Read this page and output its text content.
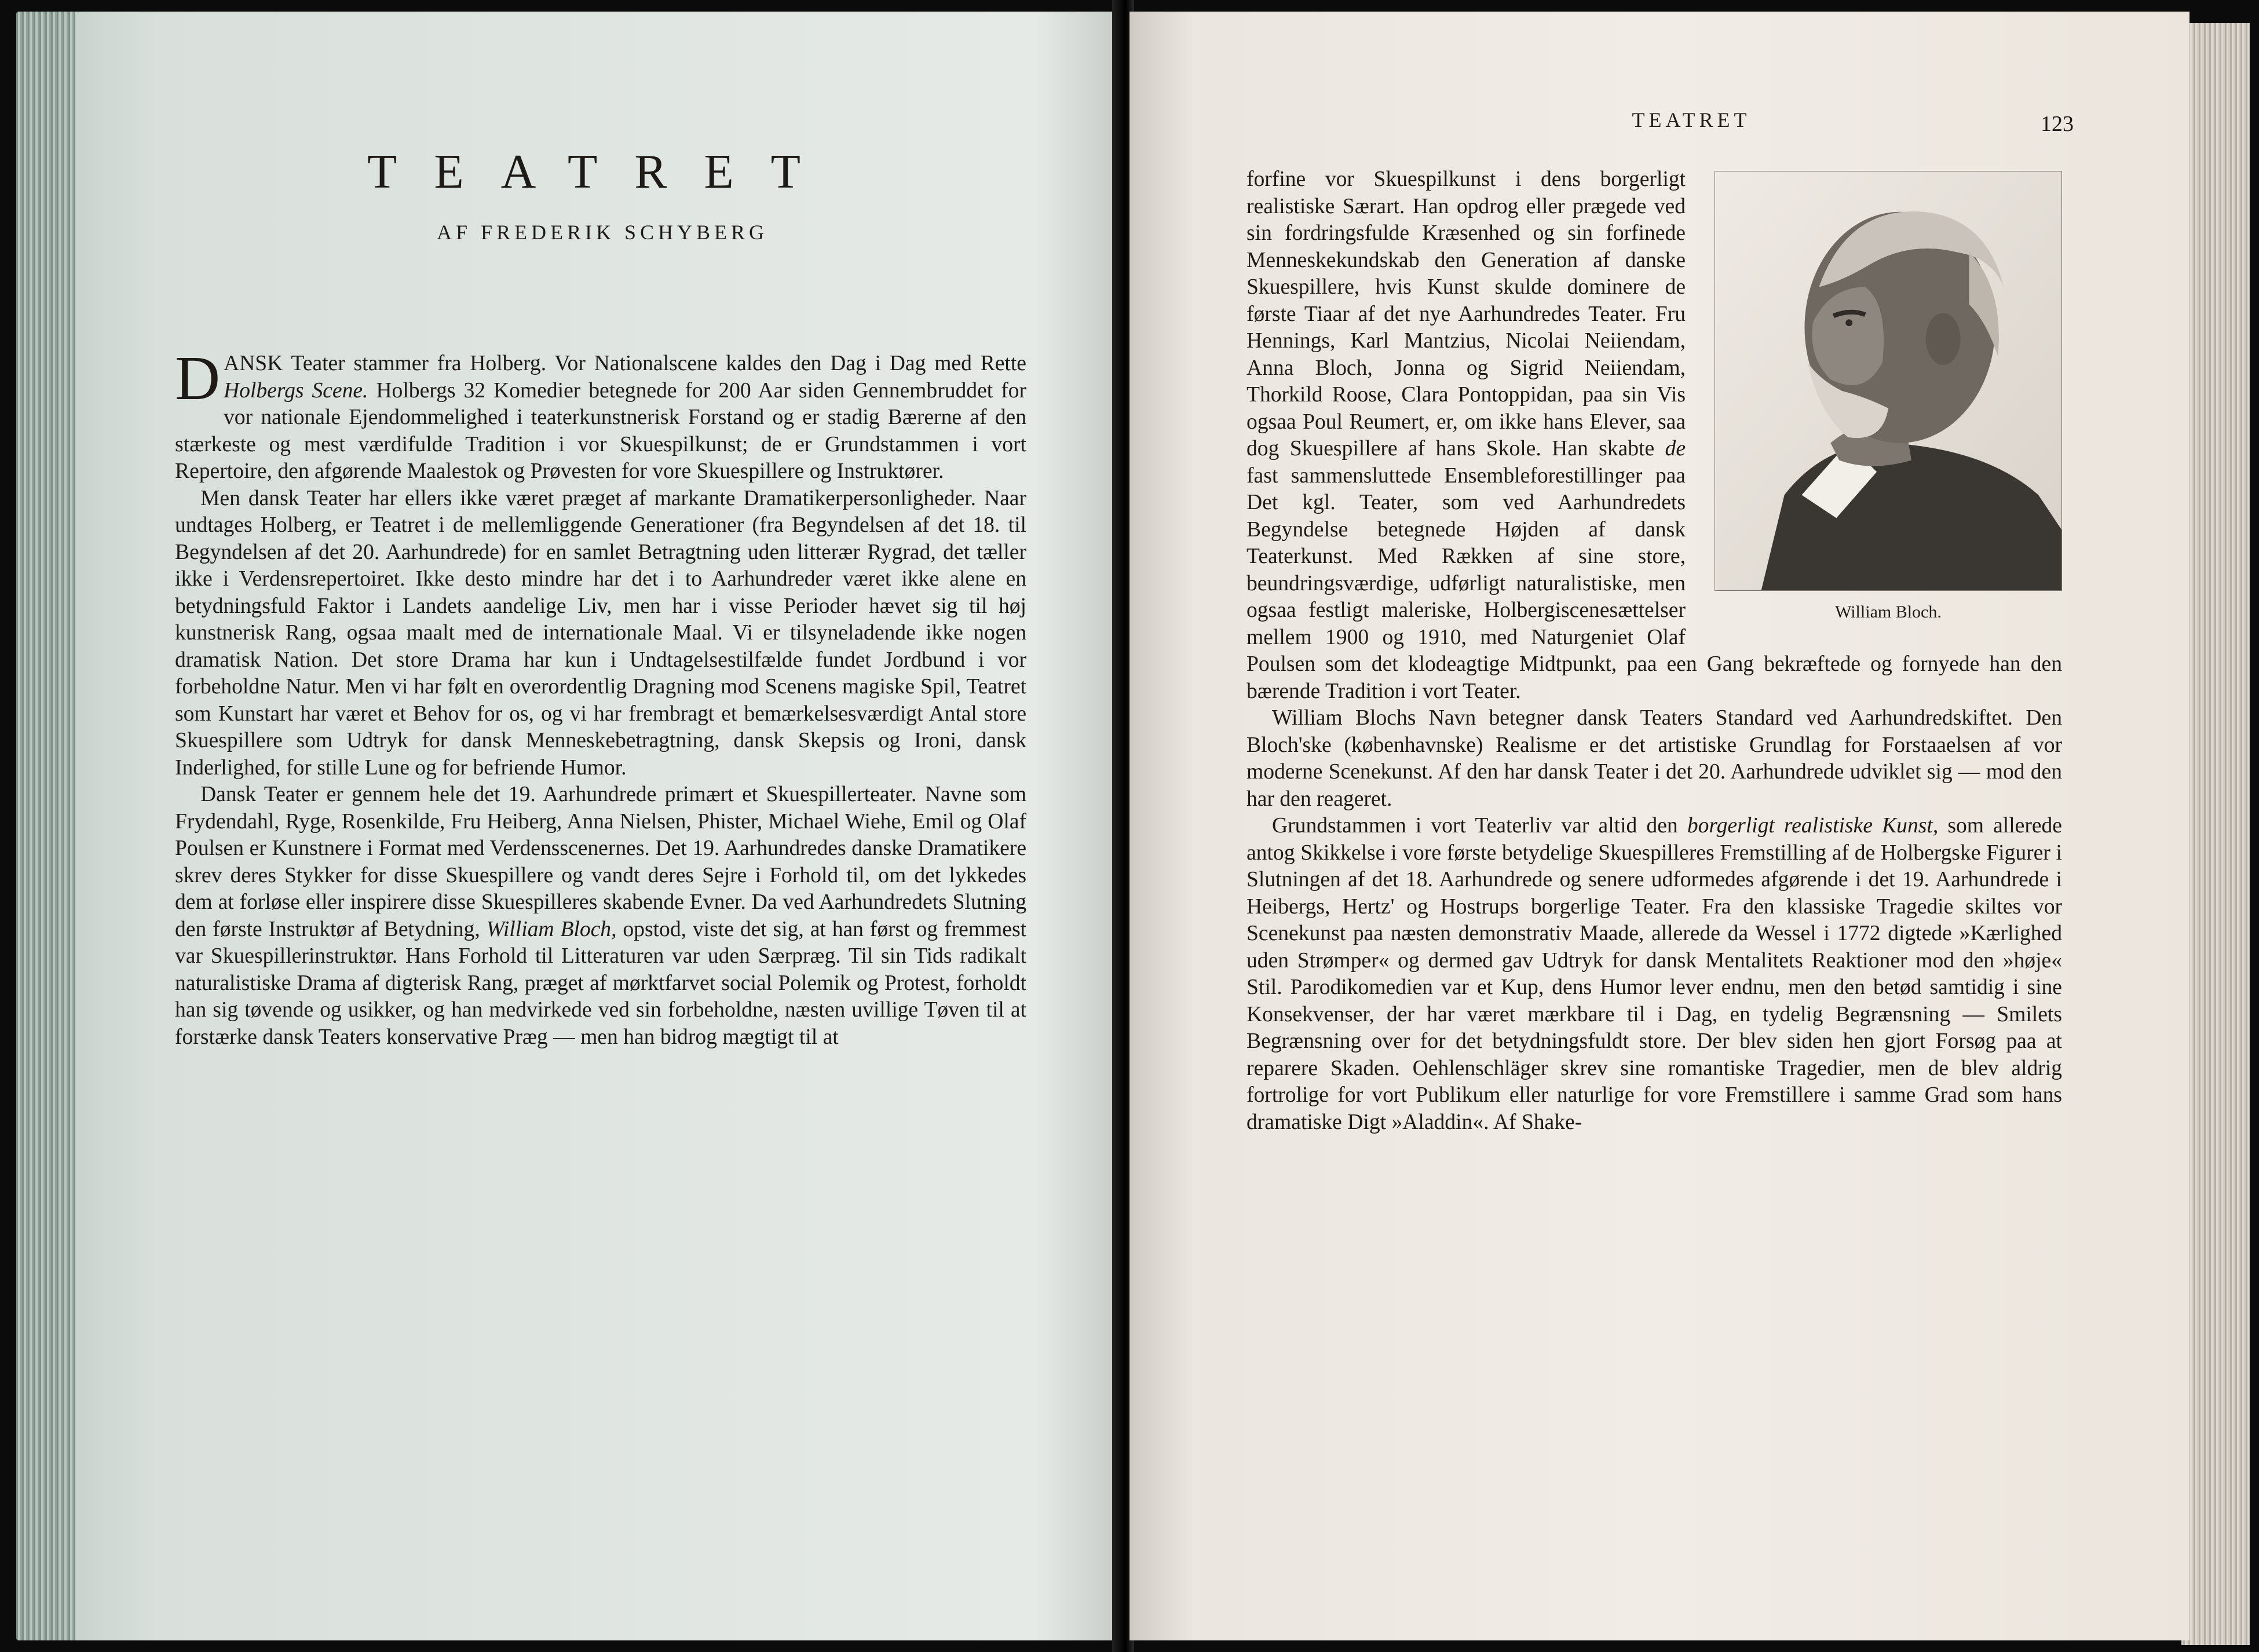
TEATRET
AF FREDERIK SCHYBERG

DANSK Teater stammer fra Holberg. Vor Nationalscene kaldes den Dag i Dag med Rette Holbergs Scene. Holbergs 32 Komedier betegnede for 200 Aar siden Gennembruddet for vor nationale Ejendommelighed i teaterkunstnerisk Forstand og er stadig Bærerne af den stærkeste og mest værdifulde Tradition i vor Skuespilkunst; de er Grundstammen i vort Repertoire, den afgørende Maalestok og Prøvesten for vore Skuespillere og Instruktører.

Men dansk Teater har ellers ikke været præget af markante Dramatikerpersonligheder. Naar undtages Holberg, er Teatret i de mellemliggende Generationer (fra Begyndelsen af det 18. til Begyndelsen af det 20. Aarhundrede) for en samlet Betragtning uden litterær Rygrad, det tæller ikke i Verdensrepertoiret. Ikke desto mindre har det i to Aarhundreder været ikke alene en betydningsfuld Faktor i Landets aandelige Liv, men har i visse Perioder hævet sig til høj kunstnerisk Rang, ogsaa maalt med de internationale Maal. Vi er tilsyneladende ikke nogen dramatisk Nation. Det store Drama har kun i Undtagelsestilfælde fundet Jordbund i vor forbeholdne Natur. Men vi har følt en overordentlig Dragning mod Scenens magiske Spil, Teatret som Kunstart har været et Behov for os, og vi har frembragt et bemærkelsesværdigt Antal store Skuespillere som Udtryk for dansk Menneskebetragtning, dansk Skepsis og Ironi, dansk Inderlighed, for stille Lune og for befriende Humor.

Dansk Teater er gennem hele det 19. Aarhundrede primært et Skuespillerteater. Navne som Frydendahl, Ryge, Rosenkilde, Fru Heiberg, Anna Nielsen, Phister, Michael Wiehe, Emil og Olaf Poulsen er Kunstnere i Format med Verdensscenernes. Det 19. Aarhundredes danske Dramatikere skrev deres Stykker for disse Skuespillere og vandt deres Sejre i Forhold til, om det lykkedes dem at forløse eller inspirere disse Skuespilleres skabende Evner. Da ved Aarhundredets Slutning den første Instruktør af Betydning, William Bloch, opstod, viste det sig, at han først og fremmest var Skuespillerinstruktør. Hans Forhold til Litteraturen var uden Særpræg. Til sin Tids radikalt naturalistiske Drama af digterisk Rang, præget af mørktfarvet social Polemik og Protest, forholdt han sig tøvende og usikker, og han medvirkede ved sin forbeholdne, næsten uvillige Tøven til at forstærke dansk Teaters konservative Præg — men han bidrog mægtigt til at

TEATRET	123
William Bloch.

forfine vor Skuespilkunst i dens borgerligt realistiske Særart. Han opdrog eller prægede ved sin fordringsfulde Kræsenhed og sin forfinede Menneskekundskab den Generation af danske Skuespillere, hvis Kunst skulde dominere de første Tiaar af det nye Aarhundredes Teater. Fru Hennings, Karl Mantzius, Nicolai Neiiendam, Anna Bloch, Jonna og Sigrid Neiiendam, Thorkild Roose, Clara Pontoppidan, paa sin Vis ogsaa Poul Reumert, er, om ikke hans Elever, saa dog Skuespillere af hans Skole. Han skabte de fast sammensluttede Ensembleforestillinger paa Det kgl. Teater, som ved Aarhundredets Begyndelse betegnede Højden af dansk Teaterkunst. Med Rækken af sine store, beundringsværdige, udførligt naturalistiske, men ogsaa festligt maleriske, Holbergiscenesættelser mellem 1900 og 1910, med Naturgeniet Olaf Poulsen som det klodeagtige Midtpunkt, paa een Gang bekræftede og fornyede han den bærende Tradition i vort Teater.

William Blochs Navn betegner dansk Teaters Standard ved Aarhundredskiftet. Den Bloch'ske (københavnske) Realisme er det artistiske Grundlag for Forstaaelsen af vor moderne Scenekunst. Af den har dansk Teater i det 20. Aarhundrede udviklet sig — mod den har den reageret.

Grundstammen i vort Teaterliv var altid den borgerligt realistiske Kunst, som allerede antog Skikkelse i vore første betydelige Skuespilleres Fremstilling af de Holbergske Figurer i Slutningen af det 18. Aarhundrede og senere udformedes afgørende i det 19. Aarhundrede i Heibergs, Hertz' og Hostrups borgerlige Teater. Fra den klassiske Tragedie skiltes vor Scenekunst paa næsten demonstrativ Maade, allerede da Wessel i 1772 digtede »Kærlighed uden Strømper« og dermed gav Udtryk for dansk Mentalitets Reaktioner mod den »høje« Stil. Parodikomedien var et Kup, dens Humor lever endnu, men den betød samtidig i sine Konsekvenser, der har været mærkbare til i Dag, en tydelig Begrænsning — Smilets Begrænsning over for det betydningsfuldt store. Der blev siden hen gjort Forsøg paa at reparere Skaden. Oehlenschläger skrev sine romantiske Tragedier, men de blev aldrig fortrolige for vort Publikum eller naturlige for vore Fremstillere i samme Grad som hans dramatiske Digt »Aladdin«. Af Shake-
